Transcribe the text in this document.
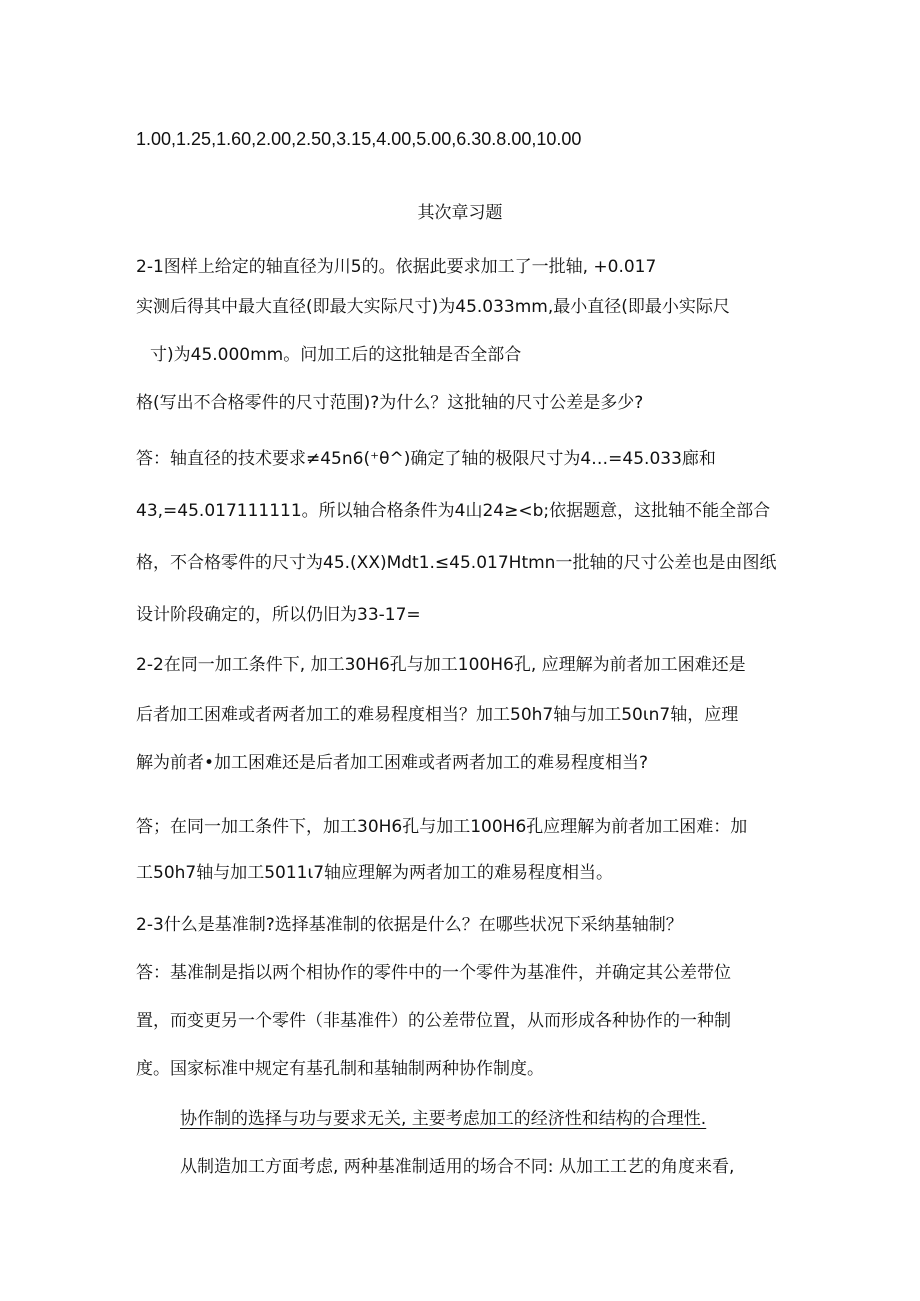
1.00,1.25,1.60,2.00,2.50,3.15,4.00,5.00,6.30.8.00,10.00
其次章习题
2-1图样上给定的轴直径为川5的。依据此要求加工了一批轴, +0.017
实测后得其中最大直径(即最大实际尺寸)为45.033mm,最小直径(即最小实际尺
寸)为45.000mm。问加工后的这批轴是否全部合
格(写出不合格零件的尺寸范围)?为什么？这批轴的尺寸公差是多少?
答：轴直径的技术要求≠45n6(⁺θ^)确定了轴的极限尺寸为4…=45.033廊和
43,=45.017111111。所以轴合格条件为4山24≥<b;依据题意，这批轴不能全部合
格，不合格零件的尺寸为45.(XX)Mdt1.≤45.017Htmn一批轴的尺寸公差也是由图纸
设计阶段确定的，所以仍旧为33-17=
2-2在同一加工条件下, 加工30H6孔与加工100H6孔, 应理解为前者加工困难还是
后者加工困难或者两者加工的难易程度相当？加工50h7轴与加工50ιn7轴，应理
解为前者•加工困难还是后者加工困难或者两者加工的难易程度相当?
答；在同一加工条件下，加工30H6孔与加工100H6孔应理解为前者加工困难：加
工50h7轴与加工5011ι7轴应理解为两者加工的难易程度相当。
2-3什么是基准制?选择基准制的依据是什么？在哪些状况下采纳基轴制？
答：基准制是指以两个相协作的零件中的一个零件为基准件，并确定其公差带位
置，而变更另一个零件（非基准件）的公差带位置，从而形成各种协作的一种制
度。国家标准中规定有基孔制和基轴制两种协作制度。
协作制的选择与功与要求无关, 主要考虑加工的经济性和结构的合理性.
从制造加工方面考虑, 两种基准制适用的场合不同: 从加工工艺的角度来看,
